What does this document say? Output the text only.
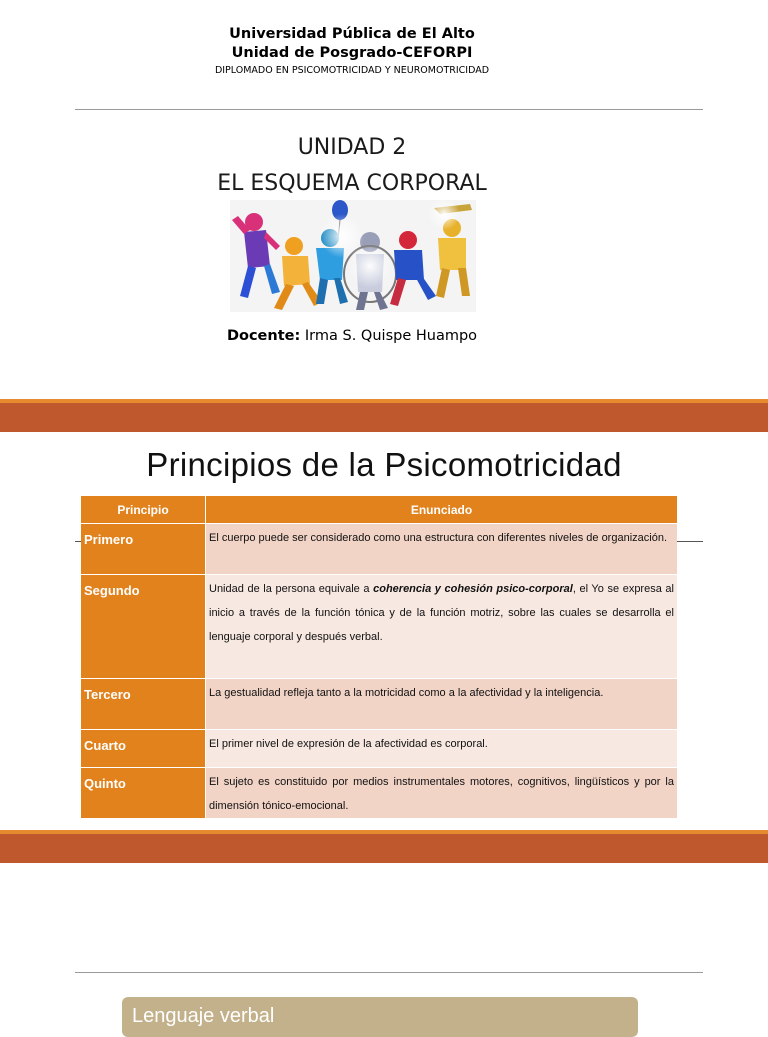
Universidad Pública de El Alto
Unidad de Posgrado-CEFORPI
DIPLOMADO EN PSICOMOTRICIDAD Y NEUROMOTRICIDAD
UNIDAD 2
EL ESQUEMA CORPORAL
Docente: Irma S. Quispe Huampo
Principios de la Psicomotricidad
Principio	Enunciado
Primero	El cuerpo puede ser considerado como una estructura con diferentes niveles de organización.
Segundo	Unidad de la persona equivale a coherencia y cohesión psico-corporal, el Yo se expresa al inicio a través de la función tónica y de la función motriz, sobre las cuales se desarrolla el lenguaje corporal y después verbal.
Tercero	La gestualidad refleja tanto a la motricidad como a la afectividad y la inteligencia.
Cuarto	El primer nivel de expresión de la afectividad es corporal.
Quinto	El sujeto es constituido por medios instrumentales motores, cognitivos, lingüísticos y por la dimensión tónico-emocional.
Lenguaje verbal
